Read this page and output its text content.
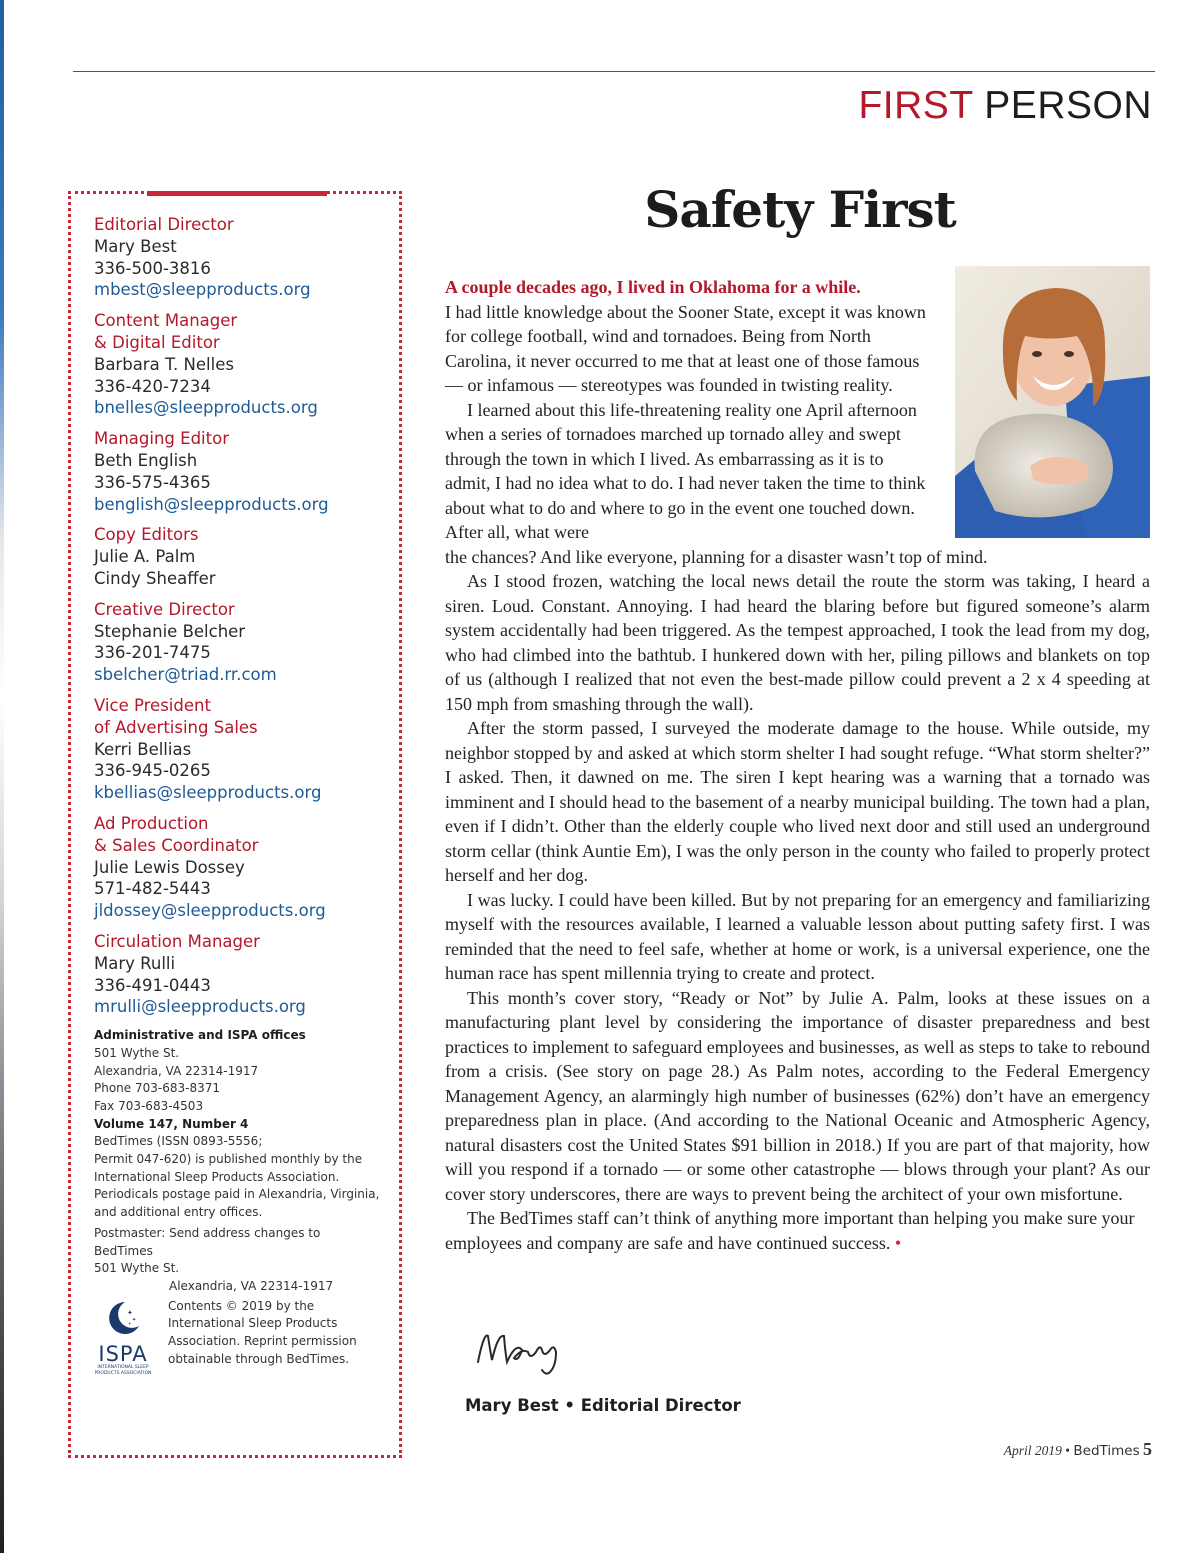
FIRST PERSON
Editorial Director
Mary Best
336-500-3816
mbest@sleepproducts.org
Content Manager
& Digital Editor
Barbara T. Nelles
336-420-7234
bnelles@sleepproducts.org
Managing Editor
Beth English
336-575-4365
benglish@sleepproducts.org
Copy Editors
Julie A. Palm
Cindy Sheaffer
Creative Director
Stephanie Belcher
336-201-7475
sbelcher@triad.rr.com
Vice President
of Advertising Sales
Kerri Bellias
336-945-0265
kbellias@sleepproducts.org
Ad Production
& Sales Coordinator
Julie Lewis Dossey
571-482-5443
jldossey@sleepproducts.org
Circulation Manager
Mary Rulli
336-491-0443
mrulli@sleepproducts.org
Administrative and ISPA offices
501 Wythe St.
Alexandria, VA 22314-1917
Phone 703-683-8371
Fax 703-683-4503
Volume 147, Number 4
BedTimes (ISSN 0893-5556;
Permit 047-620) is published monthly by the
International Sleep Products Association.
Periodicals postage paid in Alexandria, Virginia,
and additional entry offices.
Postmaster: Send address changes to
BedTimes
501 Wythe St.
Alexandria, VA 22314-1917
✦
✦
✦
ISPA
INTERNATIONAL SLEEP
PRODUCTS ASSOCIATION
Contents © 2019 by the
International Sleep Products
Association. Reprint permission
obtainable through BedTimes.
Safety First

A couple decades ago, I lived in Oklahoma for a while.
I had little knowledge about the Sooner State, except it was known for college football, wind and tornadoes. Being from North Carolina, it never occurred to me that at least one of those famous — or infamous — stereotypes was founded in twisting reality.

I learned about this life-threatening reality one April afternoon when a series of tornadoes marched up tornado alley and swept through the town in which I lived. As embarrassing as it is to admit, I had no idea what to do. I had never taken the time to think about what to do and where to go in the event one touched down. After all, what were

the chances? And like everyone, planning for a disaster wasn’t top of mind.

As I stood frozen, watching the local news detail the route the storm was taking, I heard a siren. Loud. Constant. Annoying. I had heard the blaring before but figured someone’s alarm system accidentally had been triggered. As the tempest approached, I took the lead from my dog, who had climbed into the bathtub. I hunkered down with her, piling pillows and blankets on top of us (although I realized that not even the best-made pillow could prevent a 2 x 4 speeding at 150 mph from smashing through the wall).

After the storm passed, I surveyed the moderate damage to the house. While outside, my neighbor stopped by and asked at which storm shelter I had sought refuge. “What storm shelter?” I asked. Then, it dawned on me. The siren I kept hearing was a warning that a tornado was imminent and I should head to the basement of a nearby municipal building. The town had a plan, even if I didn’t. Other than the elderly couple who lived next door and still used an underground storm cellar (think Auntie Em), I was the only person in the county who failed to properly protect herself and her dog.

I was lucky. I could have been killed. But by not preparing for an emergency and familiarizing myself with the resources available, I learned a valuable lesson about putting safety first. I was reminded that the need to feel safe, whether at home or work, is a universal experience, one the human race has spent millennia trying to create and protect.

This month’s cover story, “Ready or Not” by Julie A. Palm, looks at these issues on a manufacturing plant level by considering the importance of disaster preparedness and best practices to implement to safeguard employees and businesses, as well as steps to take to rebound from a crisis. (See story on page 28.) As Palm notes, according to the Federal Emergency Management Agency, an alarmingly high number of businesses (62%) don’t have an emergency preparedness plan in place. (And according to the National Oceanic and Atmospheric Agency, natural disasters cost the United States $91 billion in 2018.) If you are part of that majority, how will you respond if a tornado — or some other catastrophe — blows through your plant? As our cover story underscores, there are ways to prevent being the architect of your own misfortune.

The BedTimes staff can’t think of anything more important than helping you make sure your employees and company are safe and have continued success. •

Mary Best • Editorial Director
April 2019 • BedTimes 5
